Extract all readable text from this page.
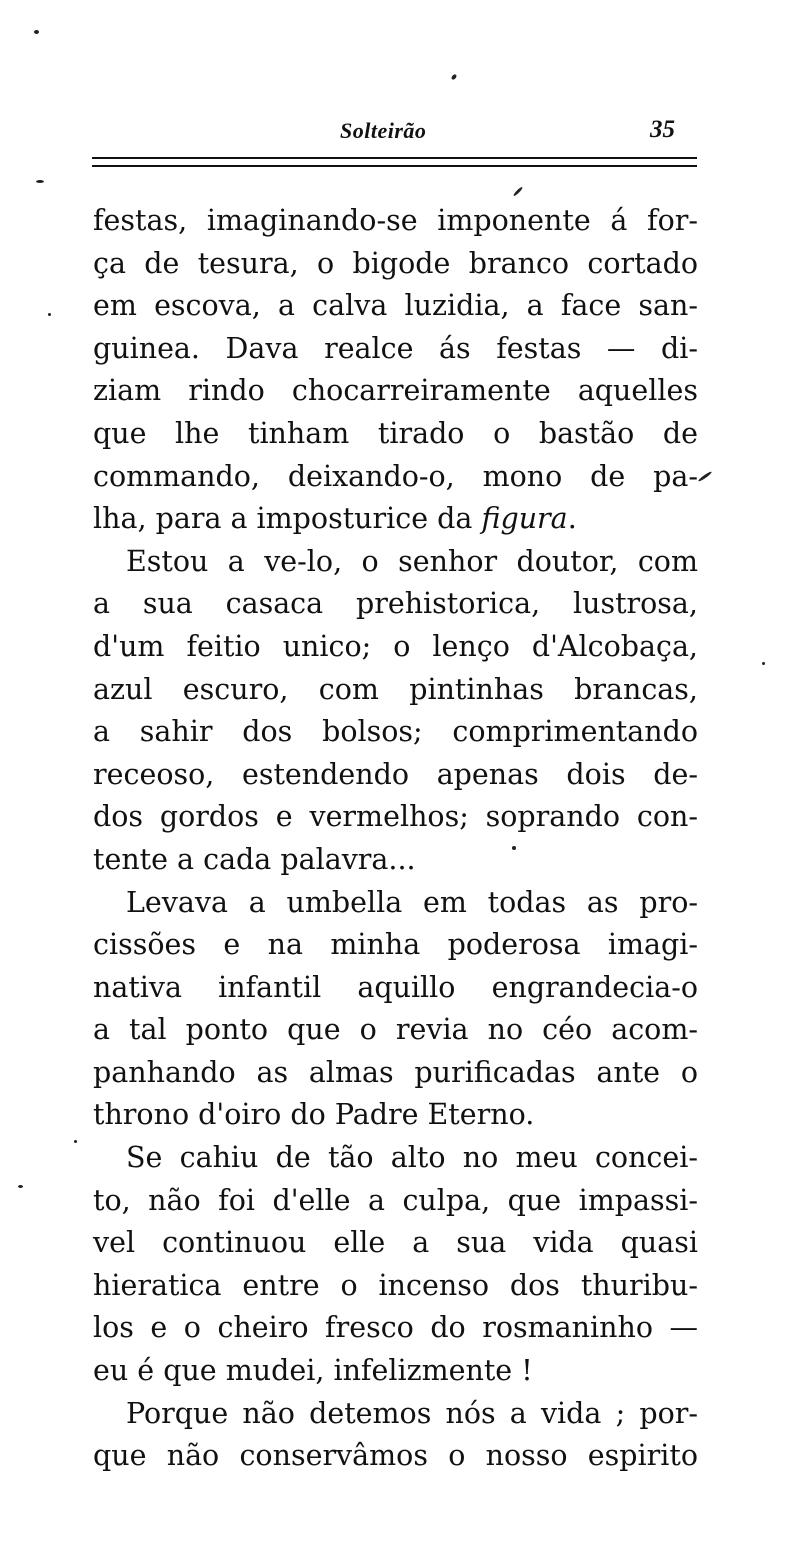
Solteirão	35
festas, imaginando-se imponente á for-
ça de tesura, o bigode branco cortado
em escova, a calva luzidia, a face san-
guinea. Dava realce ás festas — di-
ziam rindo chocarreiramente aquelles
que lhe tinham tirado o bastão de
commando, deixando-o, mono de pa-
lha, para a imposturice da figura.
Estou a ve-lo, o senhor doutor, com
a sua casaca prehistorica, lustrosa,
d'um feitio unico; o lenço d'Alcobaça,
azul escuro, com pintinhas brancas,
a sahir dos bolsos; comprimentando
receoso, estendendo apenas dois de-
dos gordos e vermelhos; soprando con-
tente a cada palavra...
Levava a umbella em todas as pro-
cissões e na minha poderosa imagi-
nativa infantil aquillo engrandecia-o
a tal ponto que o revia no céo acom-
panhando as almas purificadas ante o
throno d'oiro do Padre Eterno.
Se cahiu de tão alto no meu concei-
to, não foi d'elle a culpa, que impassi-
vel continuou elle a sua vida quasi
hieratica entre o incenso dos thuribu-
los e o cheiro fresco do rosmaninho —
eu é que mudei, infelizmente !
Porque não detemos nós a vida ; por-
que não conservâmos o nosso espirito
